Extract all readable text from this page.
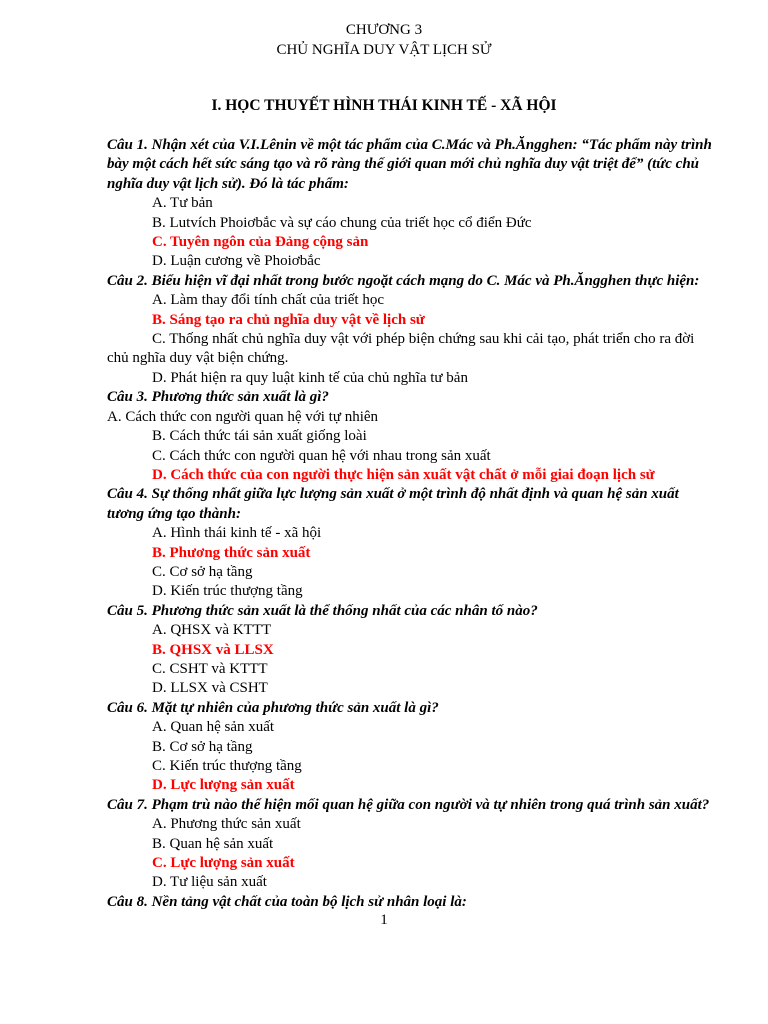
CHƯƠNG 3
CHỦ NGHĨA DUY VẬT LỊCH SỬ
I. HỌC THUYẾT HÌNH THÁI KINH TẾ - XÃ HỘI
Câu 1. Nhận xét của V.I.Lênin về một tác phẩm của C.Mác và Ph.Ăngghen: “Tác phẩm này trình bày một cách hết sức sáng tạo và rõ ràng thế giới quan mới chủ nghĩa duy vật triệt để” (tức chủ nghĩa duy vật lịch sử). Đó là tác phẩm:
A. Tư bản
B. Lutvích Phoiơbắc và sự cáo chung của triết học cổ điển Đức
C. Tuyên ngôn của Đảng cộng sản
D. Luận cương về Phoiơbắc
Câu 2. Biểu hiện vĩ đại nhất trong bước ngoặt cách mạng do C. Mác và Ph.Ăngghen thực hiện:
A. Làm thay đổi tính chất của triết học
B. Sáng tạo ra chủ nghĩa duy vật về lịch sử
C. Thống nhất chủ nghĩa duy vật với phép biện chứng sau khi cải tạo, phát triển cho ra đời
chủ nghĩa duy vật biện chứng.
D. Phát hiện ra quy luật kinh tế của chủ nghĩa tư bản
Câu 3. Phương thức sản xuất là gì?
A. Cách thức con người quan hệ với tự nhiên
B. Cách thức tái sản xuất giống loài
C. Cách thức con người quan hệ với nhau trong sản xuất
D. Cách thức của con người thực hiện sản xuất vật chất ở mỗi giai đoạn lịch sử
Câu 4. Sự thống nhất giữa lực lượng sản xuất ở một trình độ nhất định và quan hệ sản xuất tương ứng tạo thành:
A. Hình thái kinh tế - xã hội
B. Phương thức sản xuất
C. Cơ sở hạ tầng
D. Kiến trúc thượng tầng
Câu 5. Phương thức sản xuất là thể thống nhất của các nhân tố nào?
A. QHSX và KTTT
B. QHSX và LLSX
C. CSHT và KTTT
D. LLSX và CSHT
Câu 6. Mặt tự nhiên của phương thức sản xuất là gì?
A. Quan hệ sản xuất
B. Cơ sở hạ tầng
C. Kiến trúc thượng tầng
D. Lực lượng sản xuất
Câu 7. Phạm trù nào thể hiện mối quan hệ giữa con người và tự nhiên trong quá trình sản xuất?
A. Phương thức sản xuất
B. Quan hệ sản xuất
C. Lực lượng sản xuất
D. Tư liệu sản xuất
Câu 8. Nền tảng vật chất của toàn bộ lịch sử nhân loại là:
1
